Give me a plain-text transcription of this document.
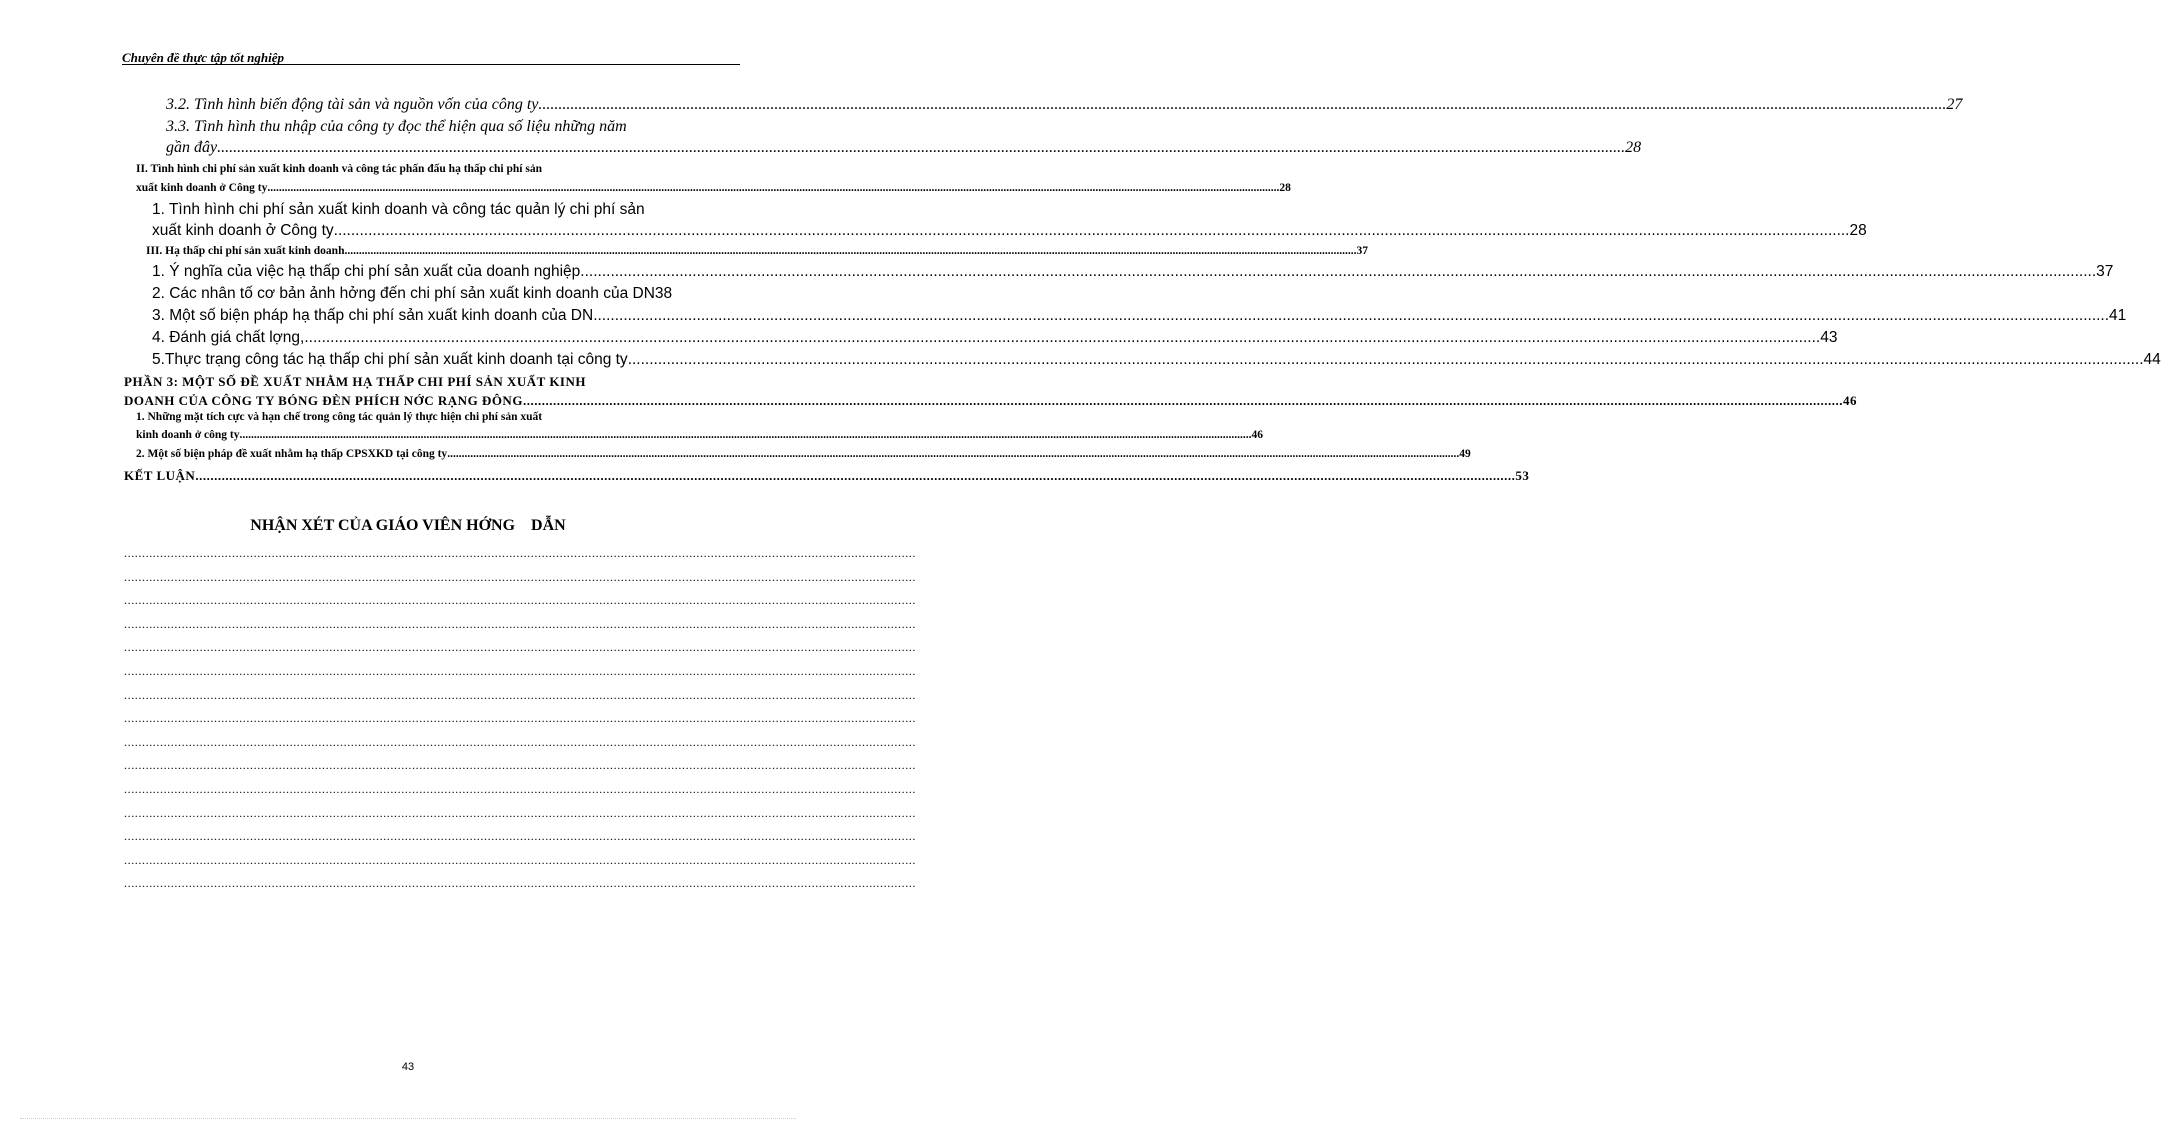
Chuyên đề thực tập tốt nghiệp
3.2. Tình hình biến động tài sản và nguồn vốn của công ty .....	27
3.3. Tình hình thu nhập của công ty đọc thể hiện qua số liệu những năm
gần đây .....	28
II. Tình hình chi phí sản xuất kinh doanh và công tác phấn đấu hạ thấp chi phí sản
xuất kinh doanh ở Công ty .....	28
1. Tình hình chi phí sản xuất kinh doanh và công tác quản lý chi phí sản
xuất kinh doanh ở Công ty .....	28
III. Hạ thấp chi phí sản xuất kinh doanh .....	37
1. Ý nghĩa của việc hạ thấp chi phí sản xuất của doanh nghiệp .....	37
2. Các nhân tố cơ bản ảnh hởng đến chi phí sản xuất kinh doanh của DN 38
3. Một số biện pháp hạ thấp chi phí sản xuất kinh doanh của DN .....	41
4. Đánh giá chất lợng, .....	43
5.Thực trạng công tác hạ thấp chi phí sản xuất kinh doanh tại công ty .....	44
PHẦN 3: MỘT SỐ ĐỀ XUẤT NHẰM HẠ THẤP CHI PHÍ SẢN XUẤT KINH
DOANH CỦA CÔNG TY BÓNG ĐÈN PHÍCH NỚC RẠNG ĐÔNG .....	46
1. Những mặt tích cực và hạn chế trong công tác quản lý thực hiện chi phí sản xuất
kinh doanh ở công ty .....	46
2. Một số biện pháp đề xuất nhằm hạ thấp CPSXKD tại công ty .....	49
KẾT LUẬN .....	53
NHẬN XÉT CỦA GIÁO VIÊN HỚNG    DẪN
............................................................................................................................................................................................................................
............................................................................................................................................................................................................................
............................................................................................................................................................................................................................
............................................................................................................................................................................................................................
............................................................................................................................................................................................................................
............................................................................................................................................................................................................................
............................................................................................................................................................................................................................
............................................................................................................................................................................................................................
............................................................................................................................................................................................................................
............................................................................................................................................................................................................................
............................................................................................................................................................................................................................
............................................................................................................................................................................................................................
............................................................................................................................................................................................................................
............................................................................................................................................................................................................................
............................................................................................................................................................................................................................
43
